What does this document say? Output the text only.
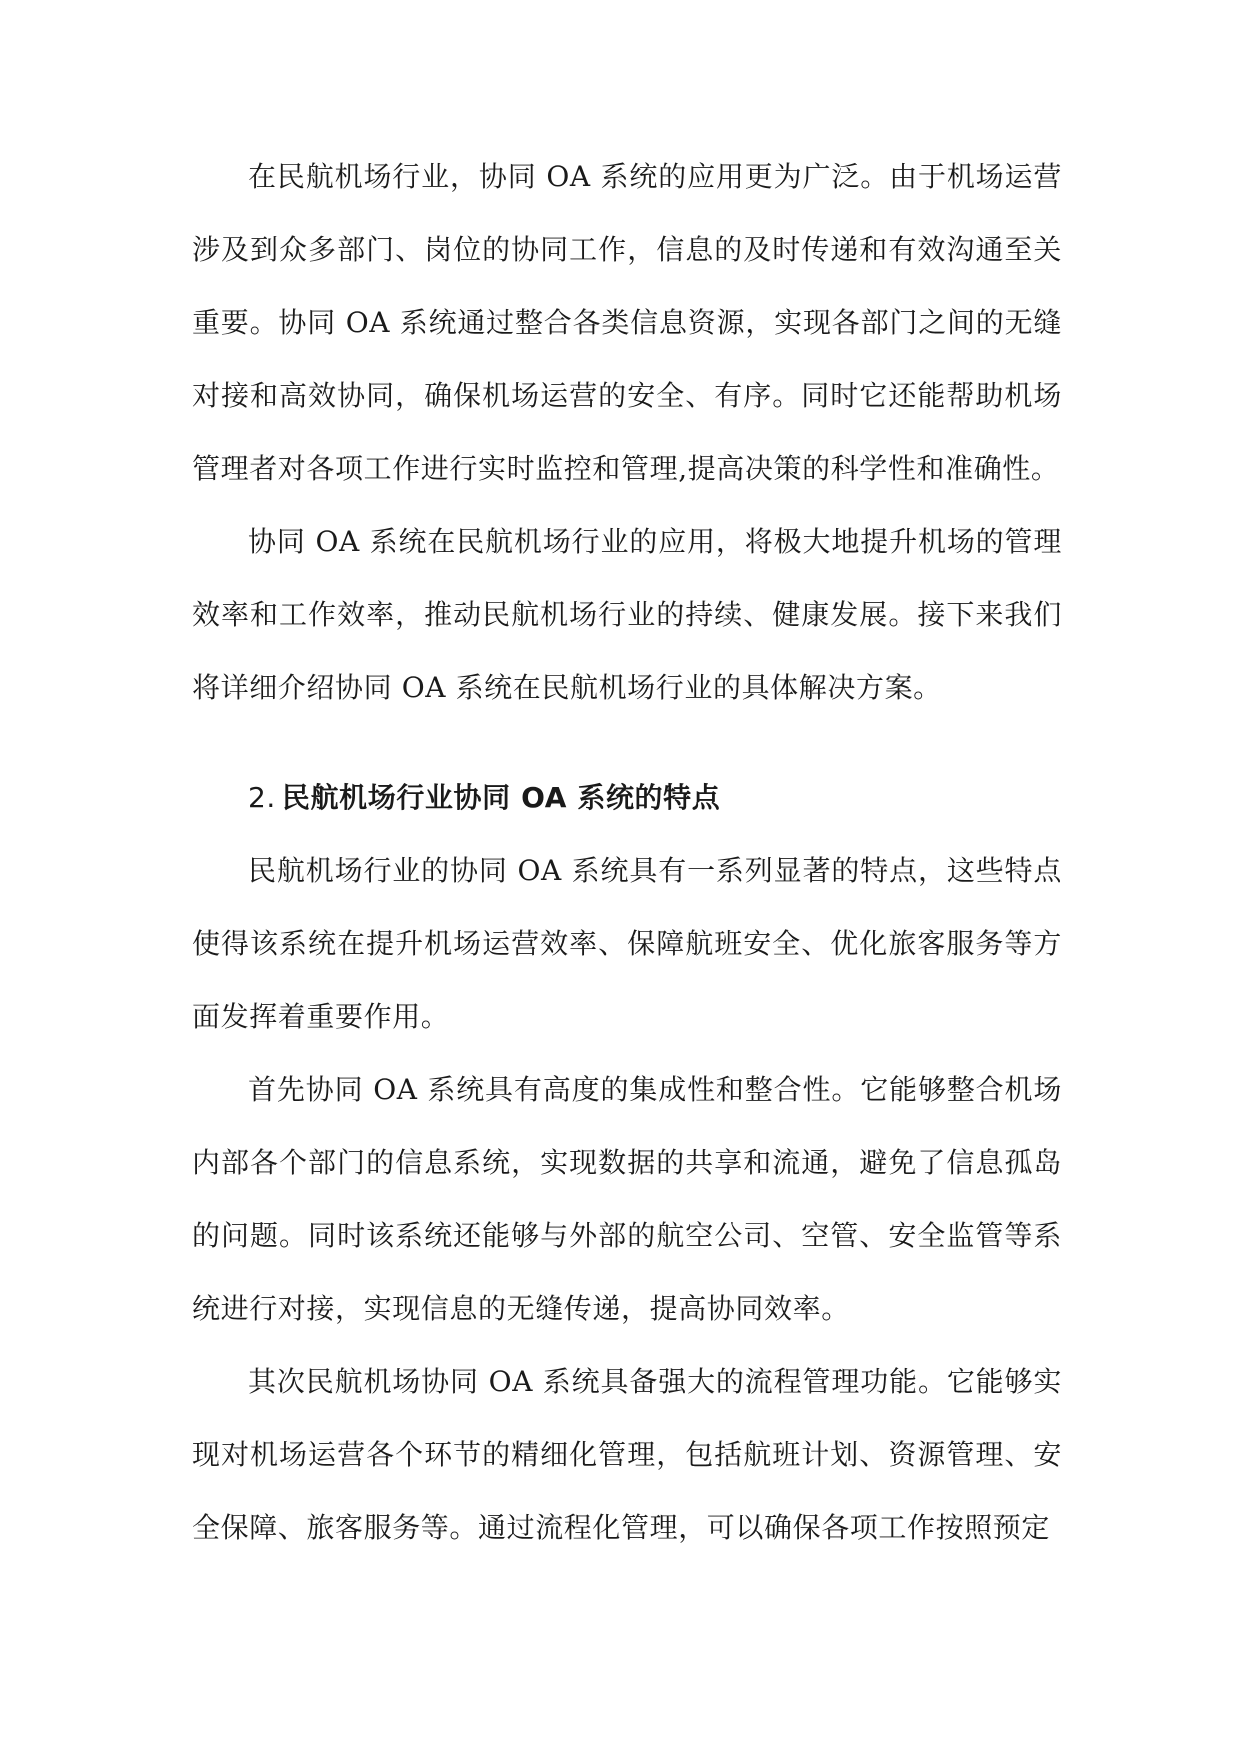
在民航机场行业，协同 OA 系统的应用更为广泛。由于机场运营涉及到众多部门、岗位的协同工作，信息的及时传递和有效沟通至关重要。协同 OA 系统通过整合各类信息资源，实现各部门之间的无缝对接和高效协同，确保机场运营的安全、有序。同时它还能帮助机场管理者对各项工作进行实时监控和管理,提高决策的科学性和准确性。

协同 OA 系统在民航机场行业的应用，将极大地提升机场的管理效率和工作效率，推动民航机场行业的持续、健康发展。接下来我们将详细介绍协同 OA 系统在民航机场行业的具体解决方案。

2. 民航机场行业协同 OA 系统的特点

民航机场行业的协同 OA 系统具有一系列显著的特点，这些特点使得该系统在提升机场运营效率、保障航班安全、优化旅客服务等方面发挥着重要作用。

首先协同 OA 系统具有高度的集成性和整合性。它能够整合机场内部各个部门的信息系统，实现数据的共享和流通，避免了信息孤岛的问题。同时该系统还能够与外部的航空公司、空管、安全监管等系统进行对接，实现信息的无缝传递，提高协同效率。

其次民航机场协同 OA 系统具备强大的流程管理功能。它能够实现对机场运营各个环节的精细化管理，包括航班计划、资源管理、安全保障、旅客服务等。通过流程化管理，可以确保各项工作按照预定
